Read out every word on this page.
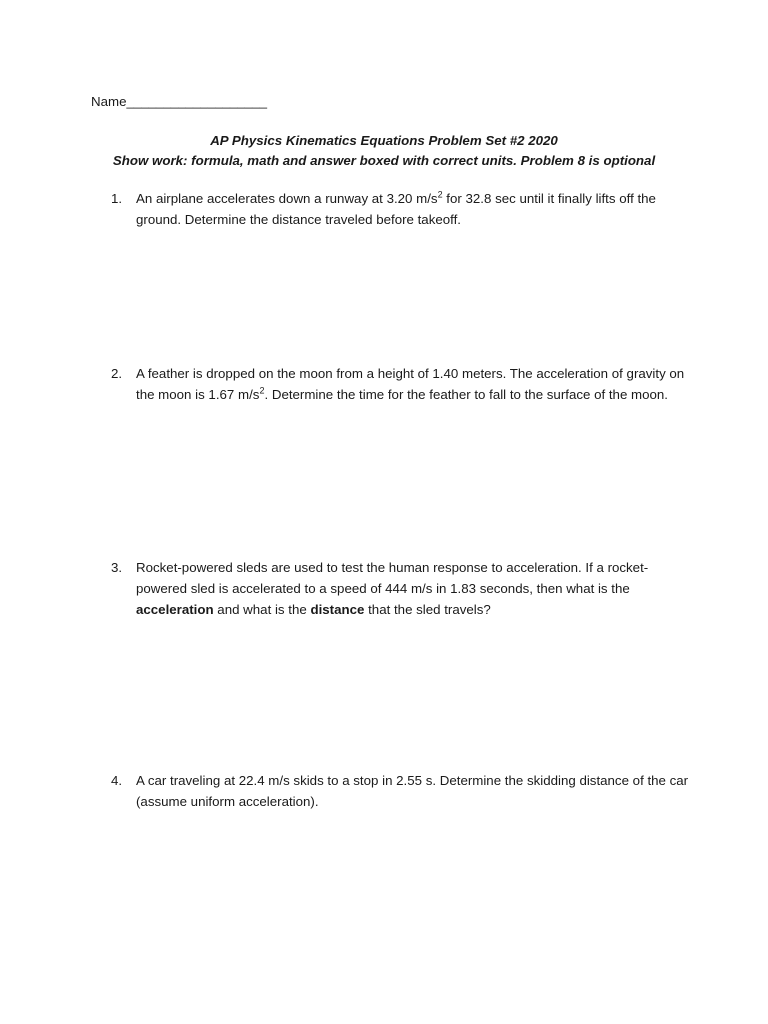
Name___________________
AP Physics Kinematics Equations Problem Set #2 2020
Show work: formula, math and answer boxed with correct units. Problem 8 is optional
1. An airplane accelerates down a runway at 3.20 $m/s^2$ for 32.8 sec until it finally lifts off the ground. Determine the distance traveled before takeoff.
2. A feather is dropped on the moon from a height of 1.40 meters. The acceleration of gravity on the moon is 1.67 $m/s^2$. Determine the time for the feather to fall to the surface of the moon.
3. Rocket-powered sleds are used to test the human response to acceleration. If a rocket-powered sled is accelerated to a speed of 444 m/s in 1.83 seconds, then what is the acceleration and what is the distance that the sled travels?
4. A car traveling at 22.4 m/s skids to a stop in 2.55 s. Determine the skidding distance of the car (assume uniform acceleration).
